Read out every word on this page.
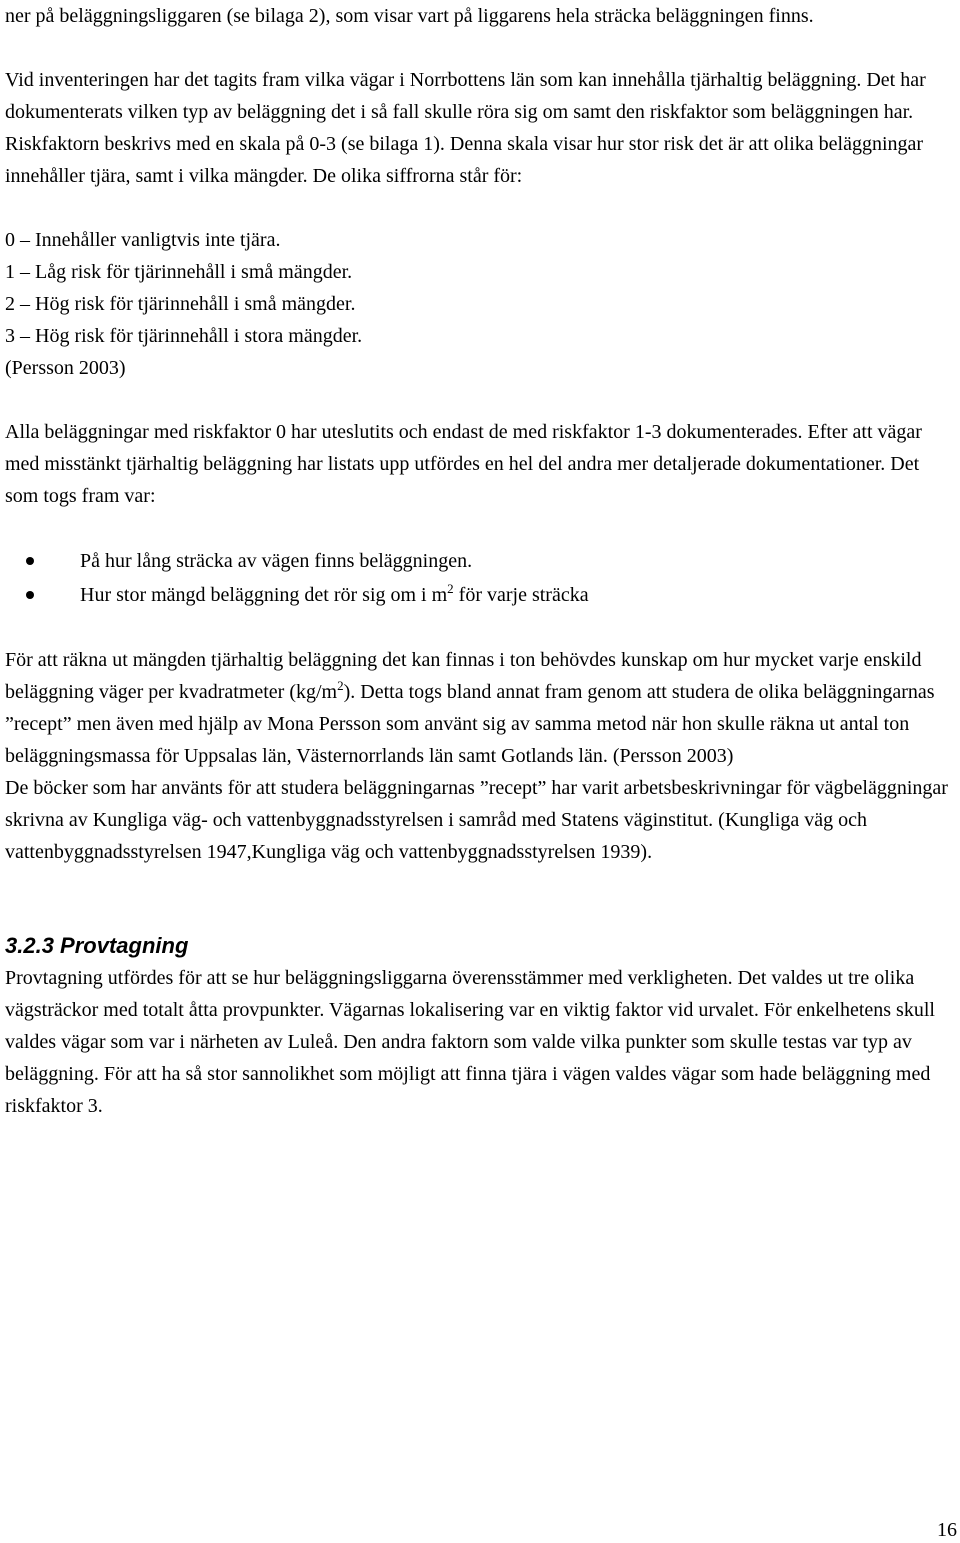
ner på beläggningsliggaren (se bilaga 2), som visar vart på liggarens hela sträcka beläggningen finns.

Vid inventeringen har det tagits fram vilka vägar i Norrbottens län som kan innehålla tjärhaltig beläggning. Det har dokumenterats vilken typ av beläggning det i så fall skulle röra sig om samt den riskfaktor som beläggningen har. Riskfaktorn beskrivs med en skala på 0-3 (se bilaga 1). Denna skala visar hur stor risk det är att olika beläggningar innehåller tjära, samt i vilka mängder. De olika siffrorna står för:

0 – Innehåller vanligtvis inte tjära.

1 – Låg risk för tjärinnehåll i små mängder.

2 – Hög risk för tjärinnehåll i små mängder.

3 – Hög risk för tjärinnehåll i stora mängder.

(Persson 2003)

Alla beläggningar med riskfaktor 0 har uteslutits och endast de med riskfaktor 1-3 dokumenterades. Efter att vägar med misstänkt tjärhaltig beläggning har listats upp utfördes en hel del andra mer detaljerade dokumentationer. Det som togs fram var:

På hur lång sträcka av vägen finns beläggningen.
Hur stor mängd beläggning det rör sig om i $m^2$ för varje sträcka

För att räkna ut mängden tjärhaltig beläggning det kan finnas i ton behövdes kunskap om hur mycket varje enskild beläggning väger per kvadratmeter $(kg/m^2)$. Detta togs bland annat fram genom att studera de olika beläggningarnas ”recept” men även med hjälp av Mona Persson som använt sig av samma metod när hon skulle räkna ut antal ton beläggningsmassa för Uppsalas län, Västernorrlands län samt Gotlands län. (Persson 2003)

De böcker som har använts för att studera beläggningarnas ”recept” har varit arbetsbeskrivningar för vägbeläggningar skrivna av Kungliga väg- och vattenbyggnadsstyrelsen i samråd med Statens väginstitut. (Kungliga väg och vattenbyggnadsstyrelsen 1947,Kungliga väg och vattenbyggnadsstyrelsen 1939).

3.2.3 Provtagning

Provtagning utfördes för att se hur beläggningsliggarna överensstämmer med verkligheten. Det valdes ut tre olika vägsträckor med totalt åtta provpunkter. Vägarnas lokalisering var en viktig faktor vid urvalet. För enkelhetens skull valdes vägar som var i närheten av Luleå. Den andra faktorn som valde vilka punkter som skulle testas var typ av beläggning. För att ha så stor sannolikhet som möjligt att finna tjära i vägen valdes vägar som hade beläggning med riskfaktor 3.

16
